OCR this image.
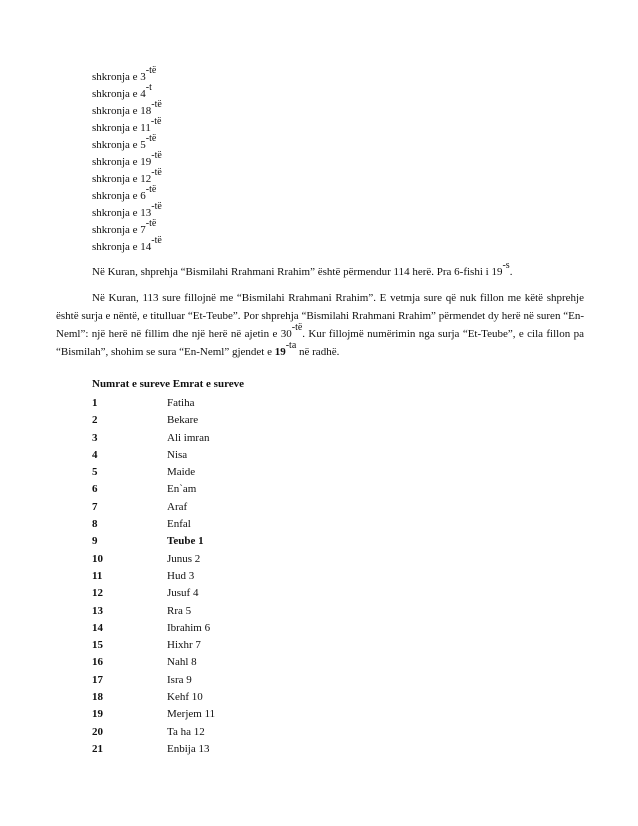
shkronja e $3^{-të}$
shkronja e $4^{-t}$
shkronja e $18^{-të}$
shkronja e $11^{-të}$
shkronja e $5^{-të}$
shkronja e $19^{-të}$
shkronja e $12^{-të}$
shkronja e $6^{-të}$
shkronja e $13^{-të}$
shkronja e $7^{-të}$
shkronja e $14^{-të}$

Në Kuran, shprehja “Bismilahi Rrahmani Rrahim” është përmendur 114 herë. Pra 6-fishi i $19^{-s}$.

Në Kuran, 113 sure fillojnë me “Bismilahi Rrahmani Rrahim”. E vetmja sure që nuk fillon me këtë shprehje është surja e nëntë, e titulluar “Et-Teube”. Por shprehja “Bismilahi Rrahmani Rrahim” përmendet dy herë në suren “En-Neml”: një herë në fillim dhe një herë në ajetin e $30^{-të}$. Kur fillojmë numërimin nga surja “Et-Teube”, e cila fillon pa “Bismilah”, shohim se sura “En-Neml” gjendet e $19^{-ta}$ në radhë.

Numrat e sureve Emrat e sureve
1	Fatiha
2	Bekare
3	Ali imran
4	Nisa
5	Maide
6	En`am
7	Araf
8	Enfal
9	Teube 1
10	Junus 2
11	Hud 3
12	Jusuf 4
13	Rra 5
14	Ibrahim 6
15	Hixhr 7
16	Nahl 8
17	Isra 9
18	Kehf 10
19	Merjem 11
20	Ta ha 12
21	Enbija 13
